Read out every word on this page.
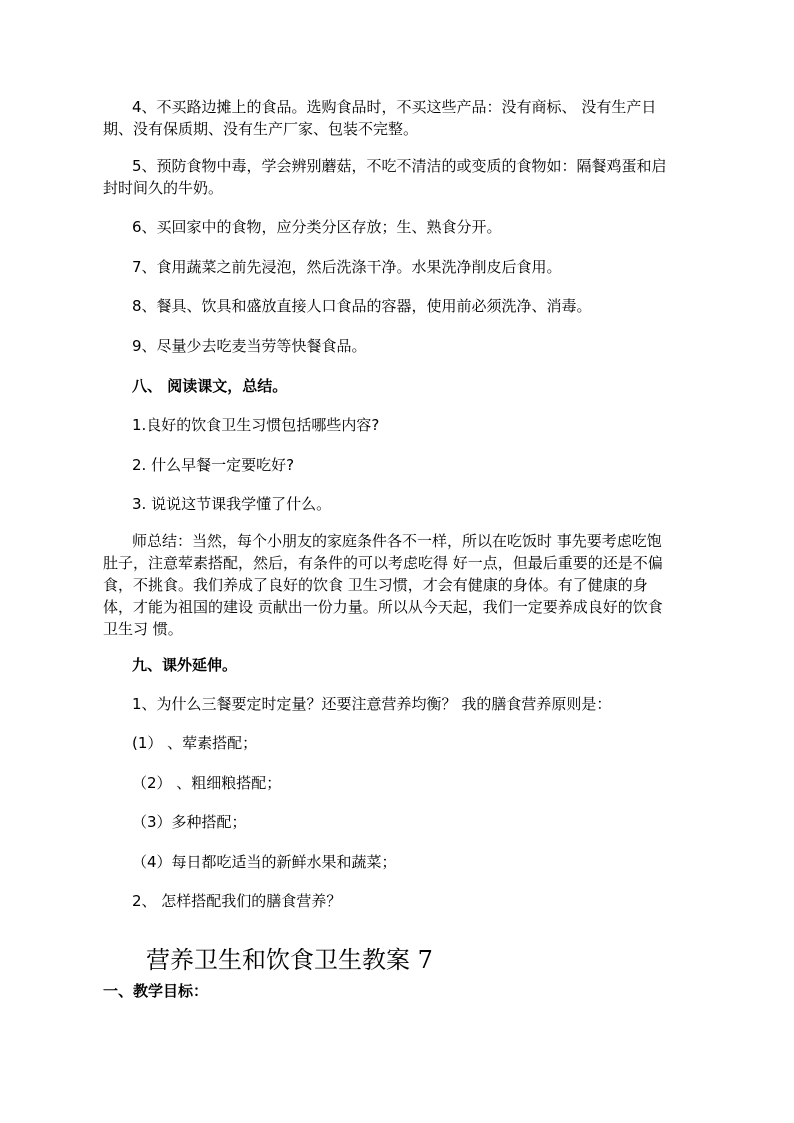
4、不买路边摊上的食品。选购食品时，不买这些产品：没有商标、 没有生产日

期、没有保质期、没有生产厂家、包装不完整。

5、预防食物中毒，学会辨别蘑菇，不吃不清洁的或变质的食物如：隔餐鸡蛋和启

封时间久的牛奶。

6、买回家中的食物，应分类分区存放；生、熟食分开。

7、食用蔬菜之前先浸泡，然后洗涤干净。水果洗净削皮后食用。

8、餐具、饮具和盛放直接人口食品的容器，使用前必须洗净、消毒。

9、尽量少去吃麦当劳等快餐食品。

八、 阅读课文，总结。

1.良好的饮食卫生习惯包括哪些内容?

2. 什么早餐一定要吃好?

3. 说说这节课我学懂了什么。

师总结：当然，每个小朋友的家庭条件各不一样，所以在吃饭时 事先要考虑吃饱

肚子，注意荤素搭配，然后，有条件的可以考虑吃得 好一点，但最后重要的还是不偏

食，不挑食。我们养成了良好的饮食 卫生习惯，才会有健康的身体。有了健康的身

体，才能为祖国的建设 贡献出一份力量。所以从今天起，我们一定要养成良好的饮食

卫生习 惯。

九、课外延伸。

1、为什么三餐要定时定量？还要注意营养均衡？ 我的膳食营养原则是：

(1） 、荤素搭配；

（2） 、粗细粮搭配；

（3）多种搭配；

（4）每日都吃适当的新鲜水果和蔬菜；

2、 怎样搭配我们的膳食营养？

营养卫生和饮食卫生教案 7

一、教学目标：
